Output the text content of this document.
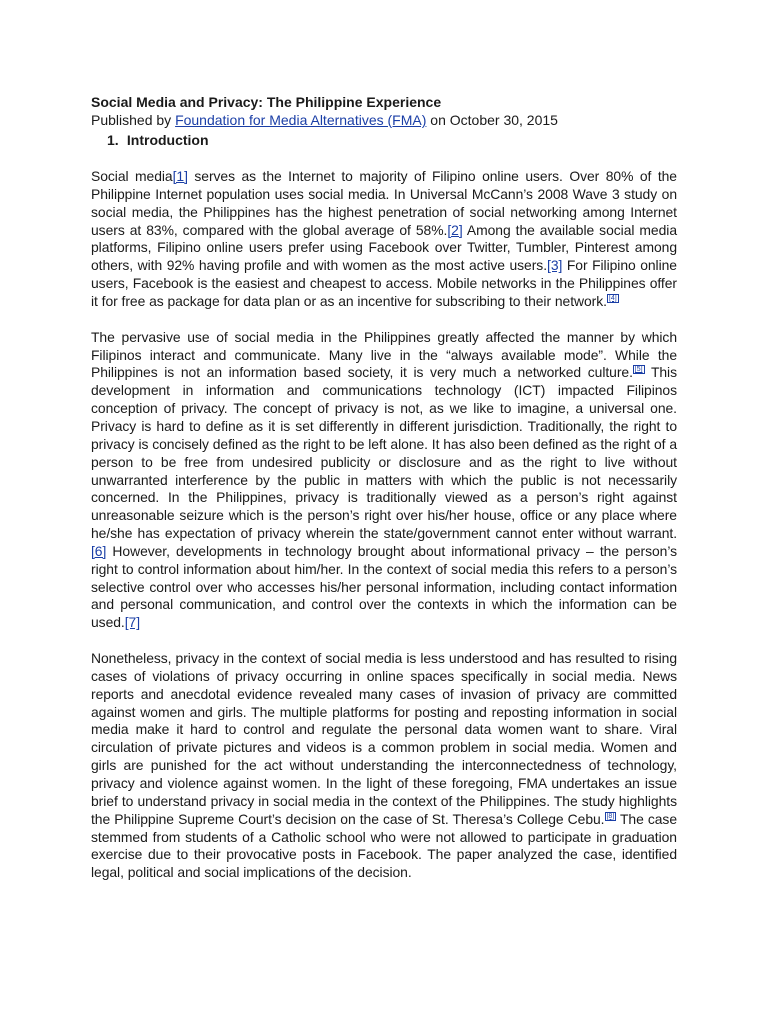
Social Media and Privacy: The Philippine Experience

Published by Foundation for Media Alternatives (FMA) on October 30, 2015

1. Introduction

Social media[1] serves as the Internet to majority of Filipino online users. Over 80% of the Philippine Internet population uses social media. In Universal McCann’s 2008 Wave 3 study on social media, the Philippines has the highest penetration of social networking among Internet users at 83%, compared with the global average of 58%.[2] Among the available social media platforms, Filipino online users prefer using Facebook over Twitter, Tumbler, Pinterest among others, with 92% having profile and with women as the most active users.[3] For Filipino online users, Facebook is the easiest and cheapest to access. Mobile networks in the Philippines offer it for free as package for data plan or as an incentive for subscribing to their network. [4]

The pervasive use of social media in the Philippines greatly affected the manner by which Filipinos interact and communicate. Many live in the “always available mode”. While the Philippines is not an information based society, it is very much a networked culture. [5] This development in information and communications technology (ICT) impacted Filipinos conception of privacy. The concept of privacy is not, as we like to imagine, a universal one. Privacy is hard to define as it is set differently in different jurisdiction. Traditionally, the right to privacy is concisely defined as the right to be left alone. It has also been defined as the right of a person to be free from undesired publicity or disclosure and as the right to live without unwarranted interference by the public in matters with which the public is not necessarily concerned. In the Philippines, privacy is traditionally viewed as a person’s right against unreasonable seizure which is the person’s right over his/her house, office or any place where he/she has expectation of privacy wherein the state/government cannot enter without warrant.[6] However, developments in technology brought about informational privacy – the person’s right to control information about him/her. In the context of social media this refers to a person’s selective control over who accesses his/her personal information, including contact information and personal communication, and control over the contexts in which the information can be used.[7]

Nonetheless, privacy in the context of social media is less understood and has resulted to rising cases of violations of privacy occurring in online spaces specifically in social media. News reports and anecdotal evidence revealed many cases of invasion of privacy are committed against women and girls. The multiple platforms for posting and reposting information in social media make it hard to control and regulate the personal data women want to share. Viral circulation of private pictures and videos is a common problem in social media. Women and girls are punished for the act without understanding the interconnectedness of technology, privacy and violence against women. In the light of these foregoing, FMA undertakes an issue brief to understand privacy in social media in the context of the Philippines. The study highlights the Philippine Supreme Court’s decision on the case of St. Theresa’s College Cebu. [8] The case stemmed from students of a Catholic school who were not allowed to participate in graduation exercise due to their provocative posts in Facebook. The paper analyzed the case, identified legal, political and social implications of the decision.
